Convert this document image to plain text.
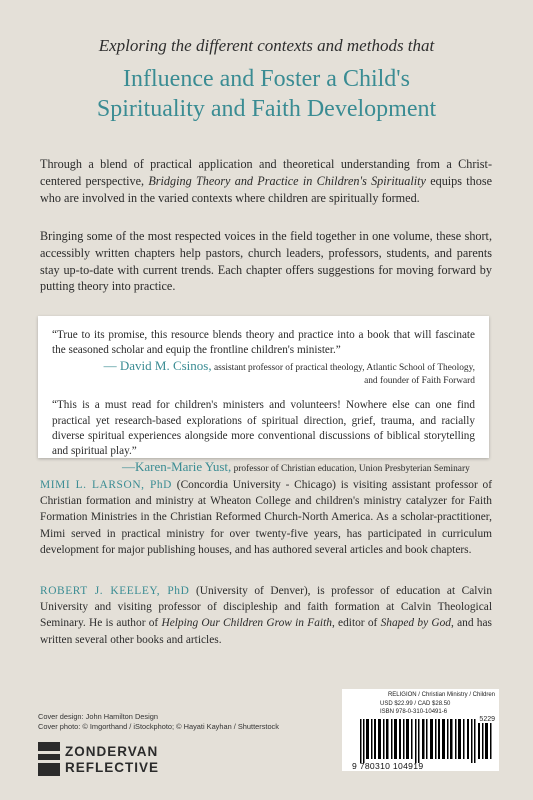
Exploring the different contexts and methods that
Influence and Foster a Child's
Spirituality and Faith Development

Through a blend of practical application and theoretical understanding from a Christ-centered perspective, Bridging Theory and Practice in Children's Spirituality equips those who are involved in the varied contexts where children are spiritually formed.

Bringing some of the most respected voices in the field together in one volume, these short, accessibly written chapters help pastors, church leaders, professors, students, and parents stay up-to-date with current trends. Each chapter offers suggestions for moving forward by putting theory into practice.

“True to its promise, this resource blends theory and practice into a book that will fascinate the seasoned scholar and equip the frontline children's minister.”

— David M. Csinos, assistant professor of practical theology, Atlantic School of Theology,
and founder of Faith Forward

“This is a must read for children's ministers and volunteers! Nowhere else can one find practical yet research-based explorations of spiritual direction, grief, trauma, and racially diverse spiritual experiences alongside more conventional discussions of biblical storytelling and spiritual play.”

—Karen-Marie Yust, professor of Christian education, Union Presbyterian Seminary

MIMI L. LARSON, PhD (Concordia University - Chicago) is visiting assistant professor of Christian formation and ministry at Wheaton College and children's ministry catalyzer for Faith Formation Ministries in the Christian Reformed Church-North America. As a scholar-practitioner, Mimi served in practical ministry for over twenty-five years, has participated in curriculum development for major publishing houses, and has authored several articles and book chapters.

ROBERT J. KEELEY, PhD (University of Denver), is professor of education at Calvin University and visiting professor of discipleship and faith formation at Calvin Theological Seminary. He is author of Helping Our Children Grow in Faith, editor of Shaped by God, and has written several other books and articles.

Cover design: John Hamilton Design
Cover photo: © Imgorthand / iStockphoto; © Hayati Kayhan / Shutterstock
ZONDERVAN
REFLECTIVE
RELIGION / Christian Ministry / Children
USD $22.99 / CAD $28.50
ISBN 978-0-310-10491-6
5229
9 780310 104919
